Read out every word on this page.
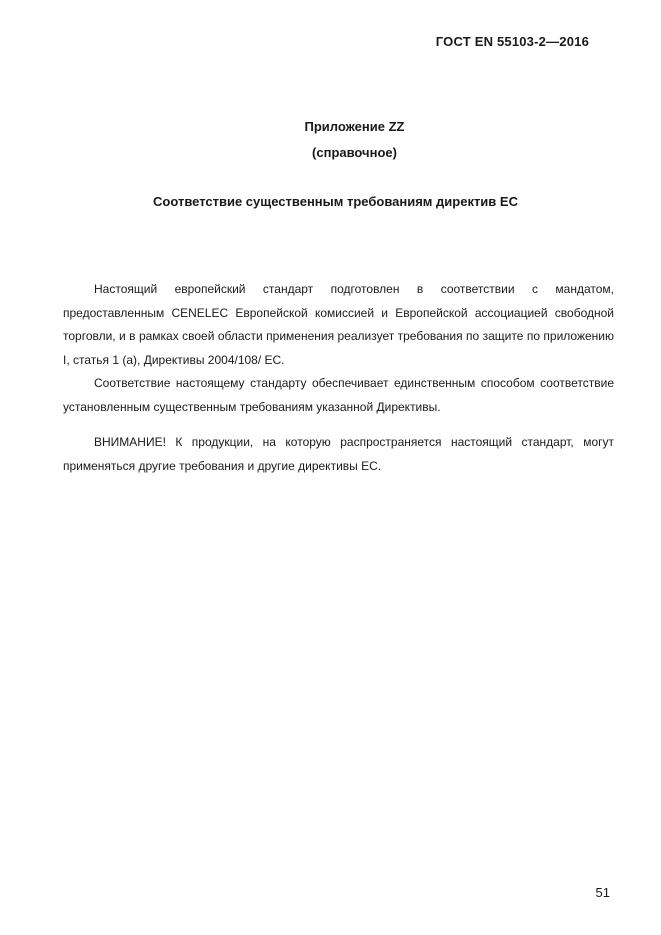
ГОСТ EN 55103-2—2016
Приложение ZZ
(справочное)
Соответствие существенным требованиям директив ЕС

Настоящий европейский стандарт подготовлен в соответствии с мандатом, предоставленным CENELEC Европейской комиссией и Европейской ассоциацией свободной торговли, и в рамках своей области применения реализует требования по защите по приложению I, статья 1 (а), Директивы 2004/108/ ЕС.

Соответствие настоящему стандарту обеспечивает единственным способом соответствие установленным существенным требованиям указанной Директивы.

ВНИМАНИЕ! К продукции, на которую распространяется настоящий стандарт, могут применяться другие требования и другие директивы ЕС.

51
